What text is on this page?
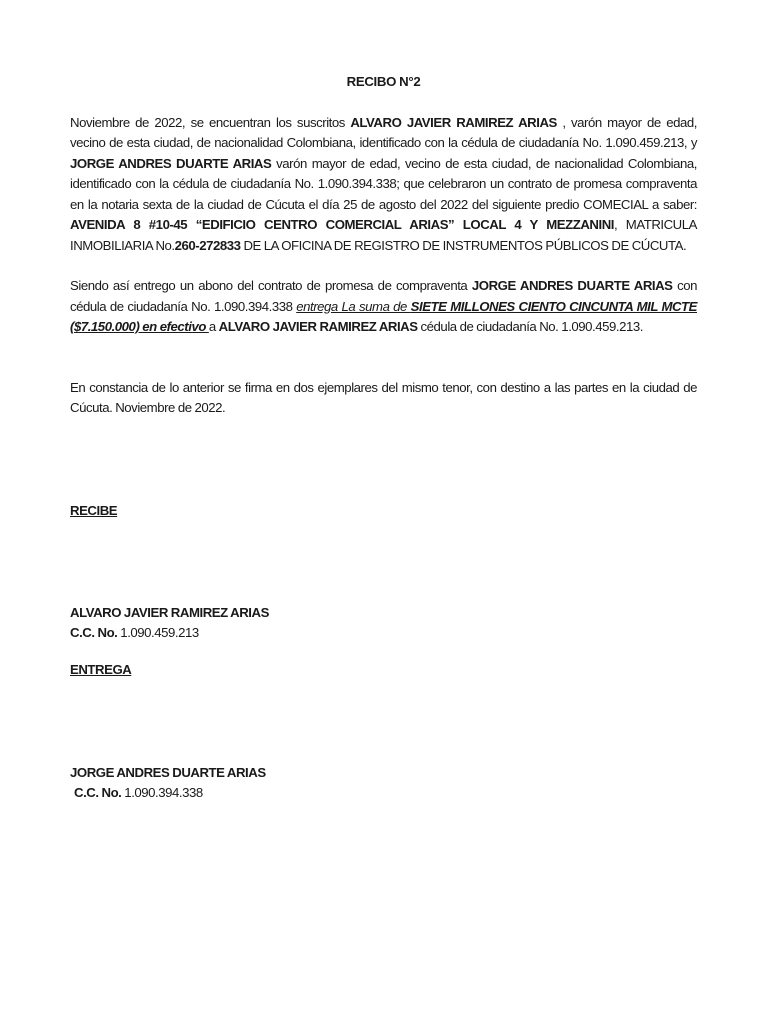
RECIBO N°2

Noviembre de 2022, se encuentran los suscritos ALVARO JAVIER RAMIREZ ARIAS , varón mayor de edad, vecino de esta ciudad, de nacionalidad Colombiana, identificado con la cédula de ciudadanía No. 1.090.459.213, y JORGE ANDRES DUARTE ARIAS varón mayor de edad, vecino de esta ciudad, de nacionalidad Colombiana, identificado con la cédula de ciudadanía No. 1.090.394.338; que celebraron un contrato de promesa compraventa en la notaria sexta de la ciudad de Cúcuta el día 25 de agosto del 2022 del siguiente predio COMECIAL a saber: AVENIDA 8 #10-45 “EDIFICIO CENTRO COMERCIAL ARIAS” LOCAL 4 Y MEZZANINI, MATRICULA INMOBILIARIA No.260-272833 DE LA OFICINA DE REGISTRO DE INSTRUMENTOS PÚBLICOS DE CÚCUTA.

Siendo así entrego un abono del contrato de promesa de compraventa JORGE ANDRES DUARTE ARIAS con cédula de ciudadanía No. 1.090.394.338 entrega La suma de SIETE MILLONES CIENTO CINCUNTA MIL MCTE ($7.150.000) en efectivo a ALVARO JAVIER RAMIREZ ARIAS cédula de ciudadanía No. 1.090.459.213.

En constancia de lo anterior se firma en dos ejemplares del mismo tenor, con destino a las partes en la ciudad de Cúcuta. Noviembre de 2022.

RECIBE
ALVARO JAVIER RAMIREZ ARIAS
C.C. No. 1.090.459.213
ENTREGA
JORGE ANDRES DUARTE ARIAS
C.C. No. 1.090.394.338
